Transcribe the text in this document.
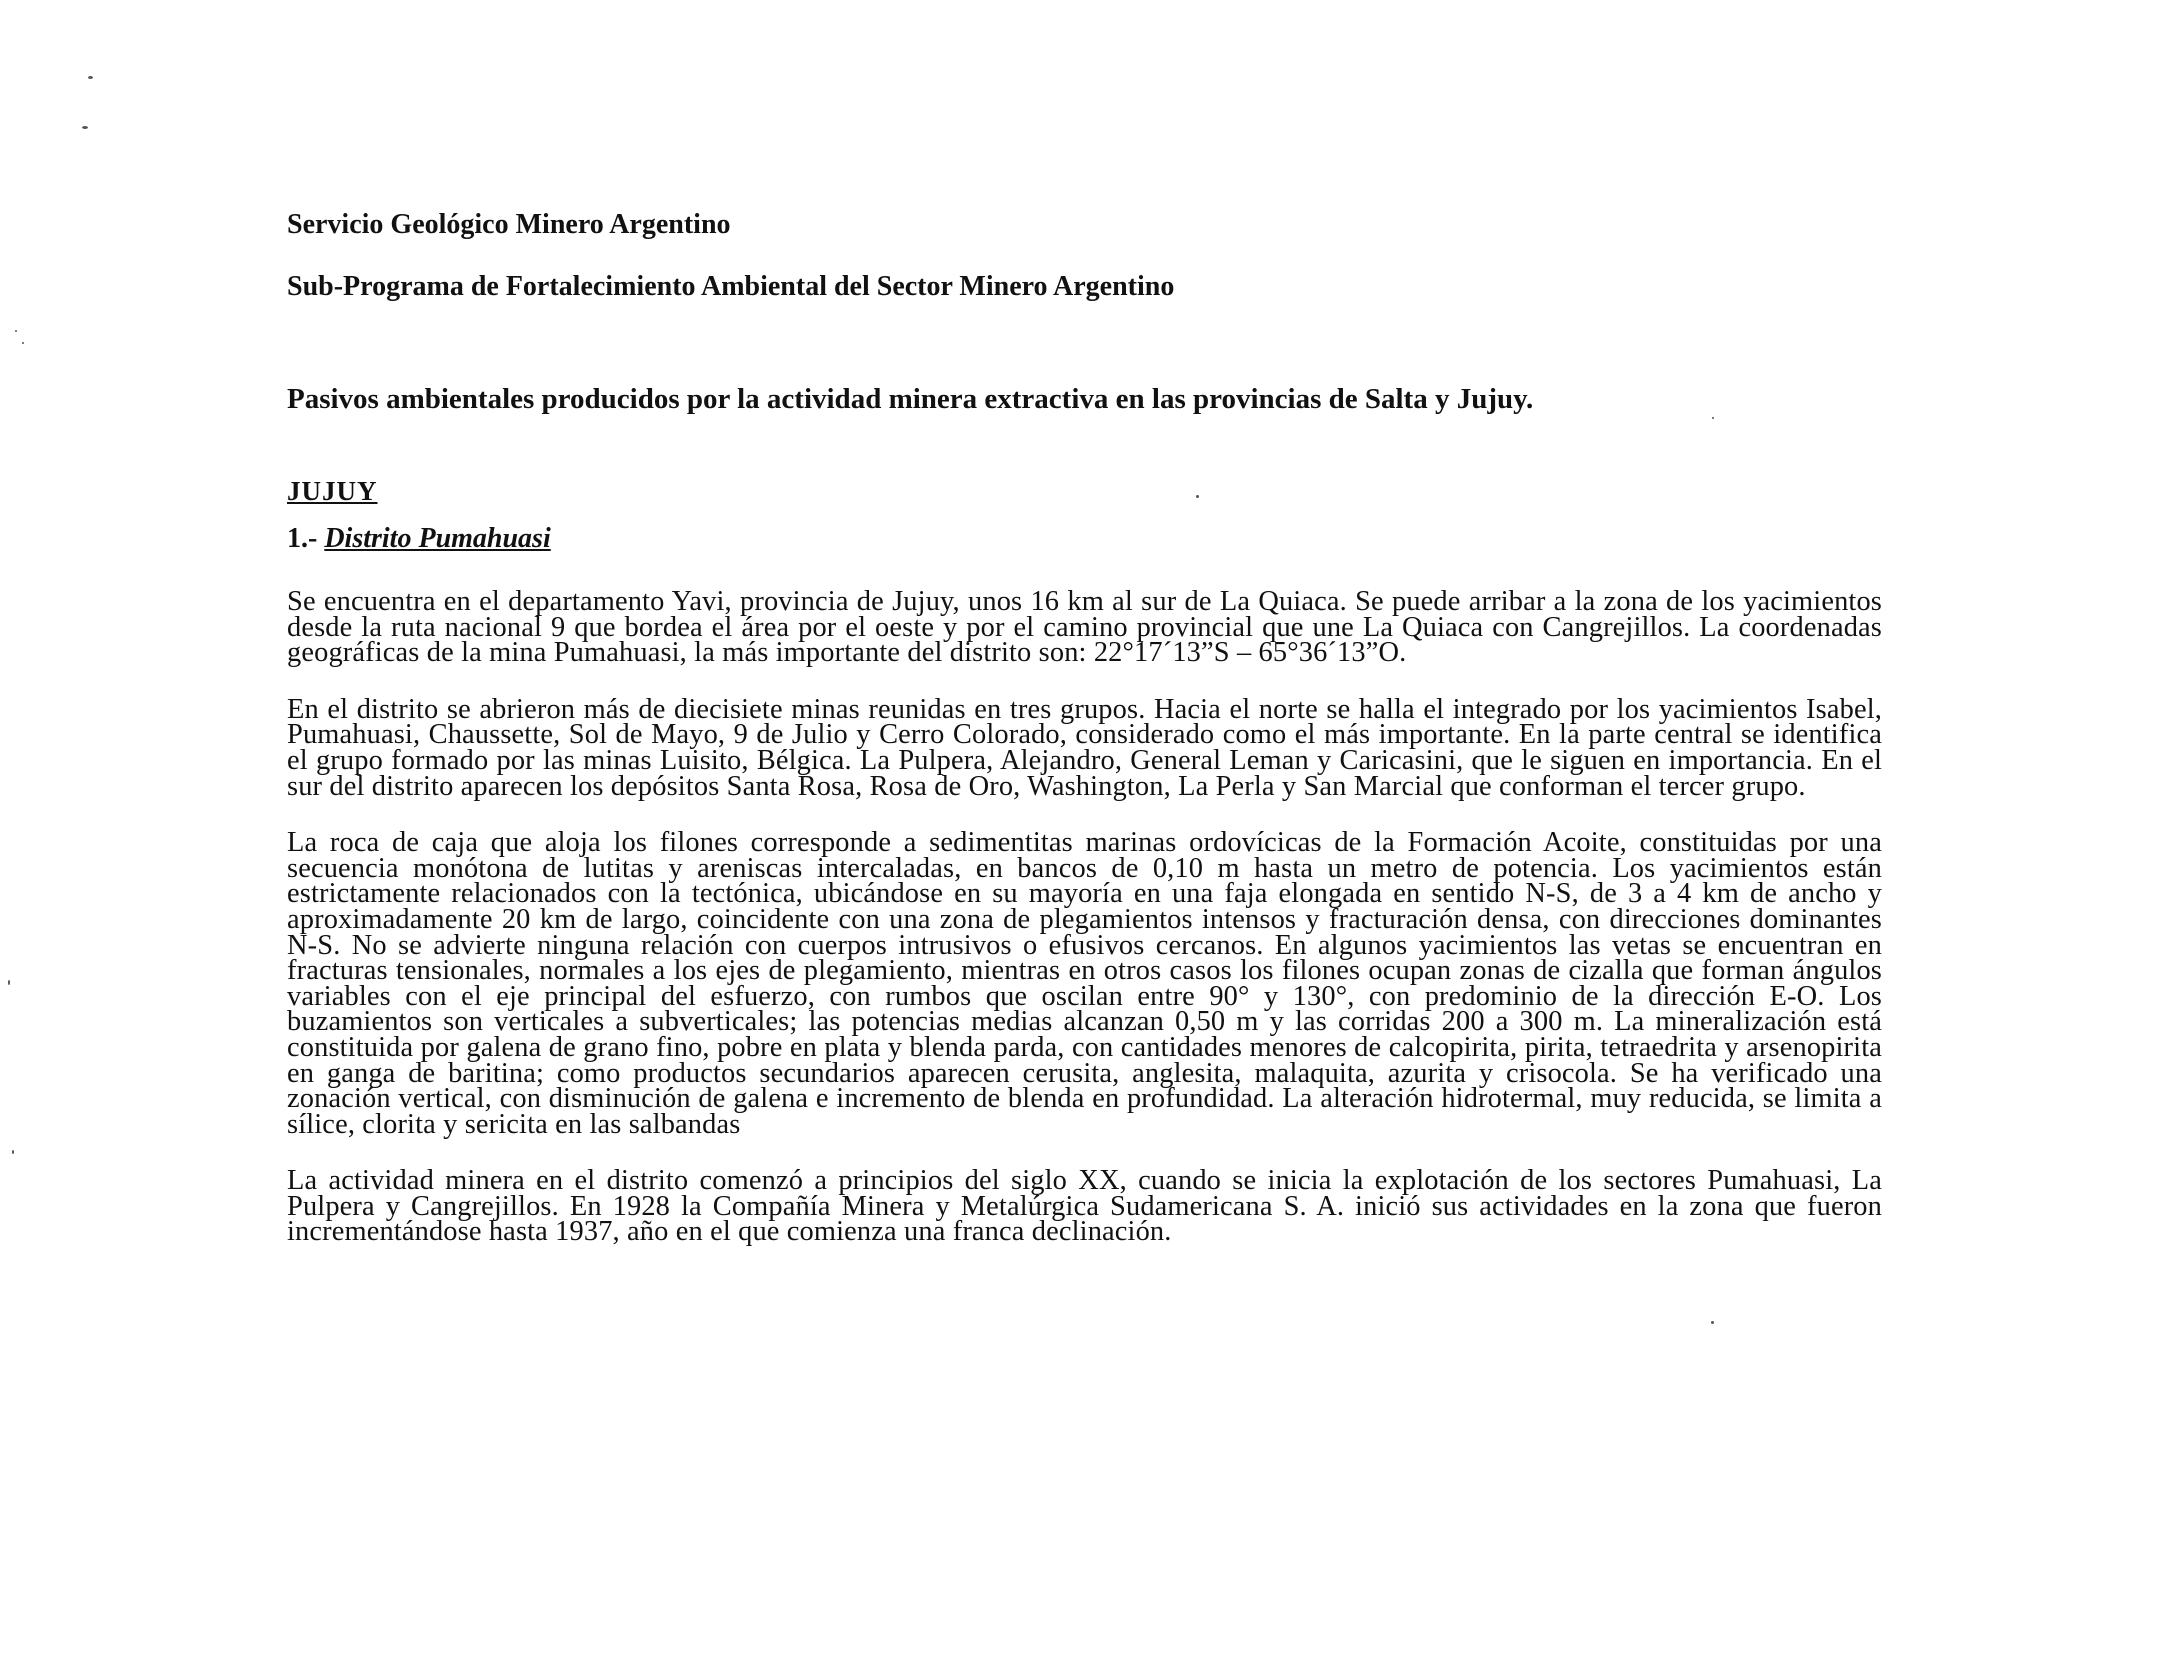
Servicio Geológico Minero Argentino

Sub-Programa de Fortalecimiento Ambiental del Sector Minero Argentino

Pasivos ambientales producidos por la actividad minera extractiva en las provincias de Salta y Jujuy.

JUJUY

1.- Distrito Pumahuasi

Se encuentra en el departamento Yavi, provincia de Jujuy, unos 16 km al sur de La Quiaca. Se puede arribar a la zona de los yacimientos desde la ruta nacional 9 que bordea el área por el oeste y por el camino provincial que une La Quiaca con Cangrejillos. La coordenadas geográficas de la mina Pumahuasi, la más importante del distrito son: 22°17´13”S – 65°36´13”O.

En el distrito se abrieron más de diecisiete minas reunidas en tres grupos. Hacia el norte se halla el integrado por los yacimientos Isabel, Pumahuasi, Chaussette, Sol de Mayo, 9 de Julio y Cerro Colorado, considerado como el más importante. En la parte central se identifica el grupo formado por las minas Luisito, Bélgica. La Pulpera, Alejandro, General Leman y Caricasini, que le siguen en importancia. En el sur del distrito aparecen los depósitos Santa Rosa, Rosa de Oro, Washington, La Perla y San Marcial que conforman el tercer grupo.

La roca de caja que aloja los filones corresponde a sedimentitas marinas ordovícicas de la Formación Acoite, constituidas por una secuencia monótona de lutitas y areniscas intercaladas, en bancos de 0,10 m hasta un metro de potencia. Los yacimientos están estrictamente relacionados con la tectónica, ubicándose en su mayoría en una faja elongada en sentido N-S, de 3 a 4 km de ancho y aproximadamente 20 km de largo, coincidente con una zona de plegamientos intensos y fracturación densa, con direcciones dominantes N-S. No se advierte ninguna relación con cuerpos intrusivos o efusivos cercanos. En algunos yacimientos las vetas se encuentran en fracturas tensionales, normales a los ejes de plegamiento, mientras en otros casos los filones ocupan zonas de cizalla que forman ángulos variables con el eje principal del esfuerzo, con rumbos que oscilan entre 90° y 130°, con predominio de la dirección E-O. Los buzamientos son verticales a subverticales; las potencias medias alcanzan 0,50 m y las corridas 200 a 300 m. La mineralización está constituida por galena de grano fino, pobre en plata y blenda parda, con cantidades menores de calcopirita, pirita, tetraedrita y arsenopirita en ganga de baritina; como productos secundarios aparecen cerusita, anglesita, malaquita, azurita y crisocola. Se ha verificado una zonación vertical, con disminución de galena e incremento de blenda en profundidad. La alteración hidrotermal, muy reducida, se limita a sílice, clorita y sericita en las salbandas

La actividad minera en el distrito comenzó a principios del siglo XX, cuando se inicia la explotación de los sectores Pumahuasi, La Pulpera y Cangrejillos. En 1928 la Compañía Minera y Metalúrgica Sudamericana S. A. inició sus actividades en la zona que fueron incrementándose hasta 1937, año en el que comienza una franca declinación.
